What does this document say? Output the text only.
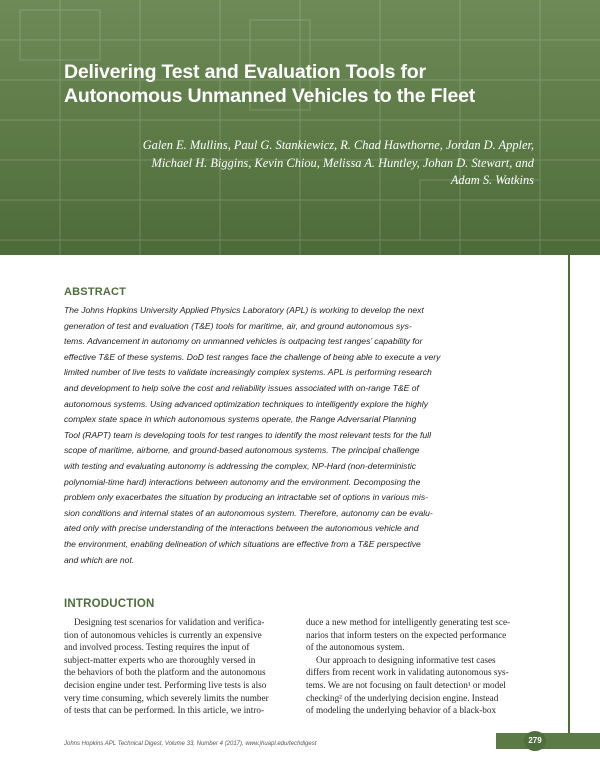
Delivering Test and Evaluation Tools for
Autonomous Unmanned Vehicles to the Fleet
Galen E. Mullins, Paul G. Stankiewicz, R. Chad Hawthorne, Jordan D. Appler,
Michael H. Biggins, Kevin Chiou, Melissa A. Huntley, Johan D. Stewart, and
Adam S. Watkins
ABSTRACT
The Johns Hopkins University Applied Physics Laboratory (APL) is working to develop the next
generation of test and evaluation (T&E) tools for maritime, air, and ground autonomous sys-
tems. Advancement in autonomy on unmanned vehicles is outpacing test ranges’ capability for
effective T&E of these systems. DoD test ranges face the challenge of being able to execute a very
limited number of live tests to validate increasingly complex systems. APL is performing research
and development to help solve the cost and reliability issues associated with on-range T&E of
autonomous systems. Using advanced optimization techniques to intelligently explore the highly
complex state space in which autonomous systems operate, the Range Adversarial Planning
Tool (RAPT) team is developing tools for test ranges to identify the most relevant tests for the full
scope of maritime, airborne, and ground-based autonomous systems. The principal challenge
with testing and evaluating autonomy is addressing the complex, NP-Hard (non-deterministic
polynomial-time hard) interactions between autonomy and the environment. Decomposing the
problem only exacerbates the situation by producing an intractable set of options in various mis-
sion conditions and internal states of an autonomous system. Therefore, autonomy can be evalu-
ated only with precise understanding of the interactions between the autonomous vehicle and
the environment, enabling delineation of which situations are effective from a T&E perspective
and which are not.
INTRODUCTION
Designing test scenarios for validation and verifica-
tion of autonomous vehicles is currently an expensive
and involved process. Testing requires the input of
subject-matter experts who are thoroughly versed in
the behaviors of both the platform and the autonomous
decision engine under test. Performing live tests is also
very time consuming, which severely limits the number
of tests that can be performed. In this article, we intro-
duce a new method for intelligently generating test sce-
narios that inform testers on the expected performance
of the autonomous system.
Our approach to designing informative test cases
differs from recent work in validating autonomous sys-
tems. We are not focusing on fault detection¹ or model
checking² of the underlying decision engine. Instead
of modeling the underlying behavior of a black-box
Johns Hopkins APL Technical Digest, Volume 33, Number 4 (2017), www.jhuapl.edu/techdigest	279
